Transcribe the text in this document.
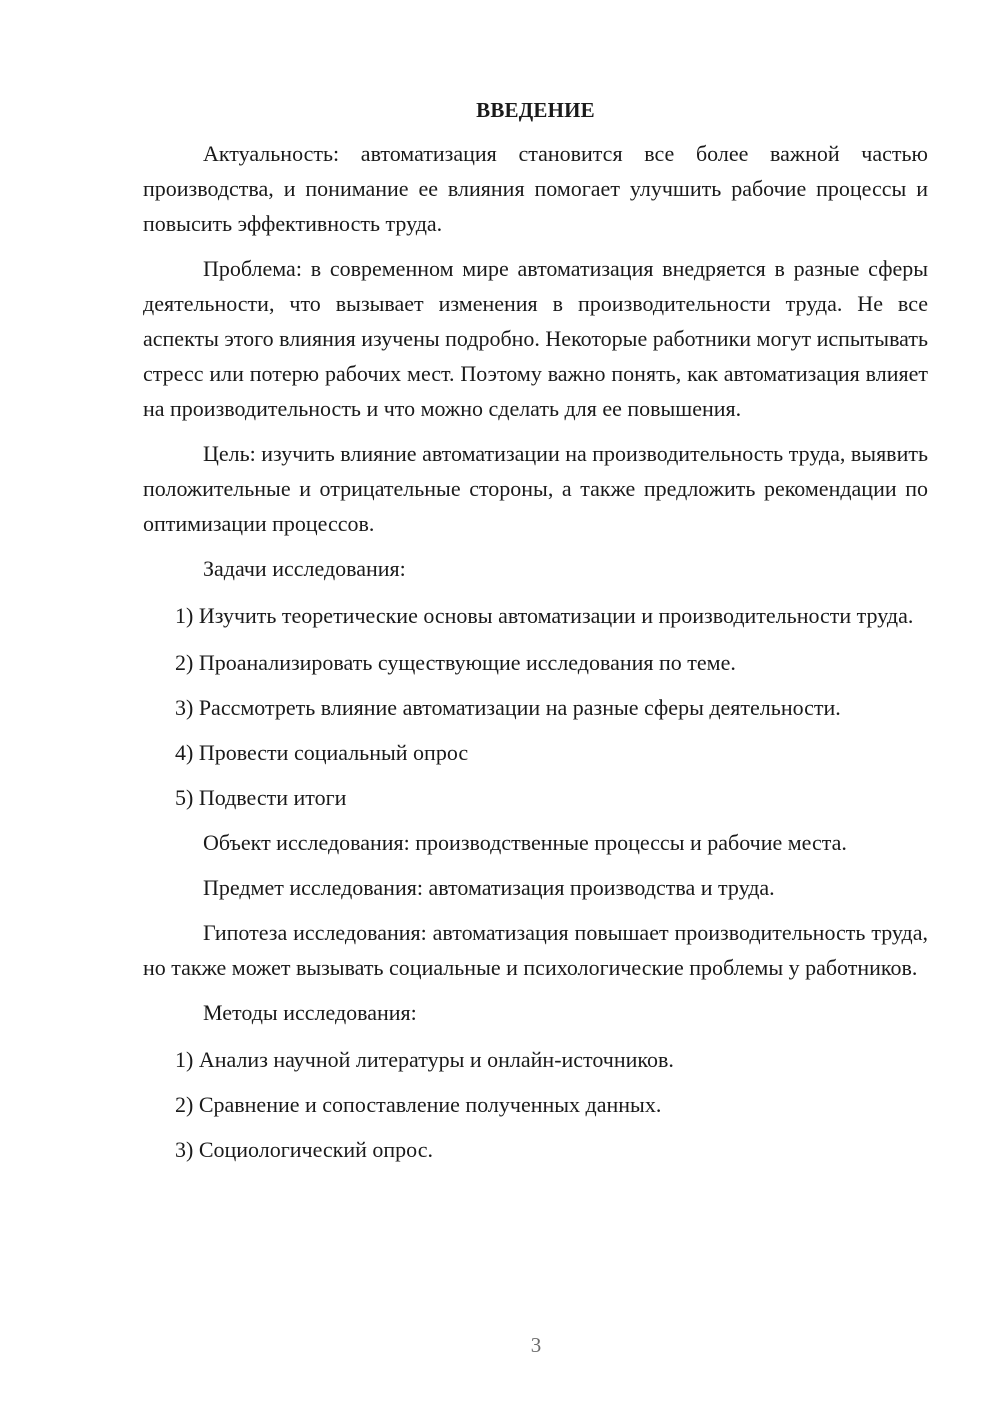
ВВЕДЕНИЕ

Актуальность: автоматизация становится все более важной частью производства, и понимание ее влияния помогает улучшить рабочие процессы и повысить эффективность труда.

Проблема: в современном мире автоматизация внедряется в разные сферы деятельности, что вызывает изменения в производительности труда. Не все аспекты этого влияния изучены подробно. Некоторые работники могут испытывать стресс или потерю рабочих мест. Поэтому важно понять, как автоматизация влияет на производительность и что можно сделать для ее повышения.

Цель: изучить влияние автоматизации на производительность труда, выявить положительные и отрицательные стороны, а также предложить рекомендации по оптимизации процессов.

Задачи исследования:

1) Изучить теоретические основы автоматизации и производительности труда.

2) Проанализировать существующие исследования по теме.

3) Рассмотреть влияние автоматизации на разные сферы деятельности.

4) Провести социальный опрос

5) Подвести итоги

Объект исследования: производственные процессы и рабочие места.

Предмет исследования: автоматизация производства и труда.

Гипотеза исследования: автоматизация повышает производительность труда, но также может вызывать социальные и психологические проблемы у работников.

Методы исследования:

1) Анализ научной литературы и онлайн-источников.

2) Сравнение и сопоставление полученных данных.

3) Социологический опрос.

3
